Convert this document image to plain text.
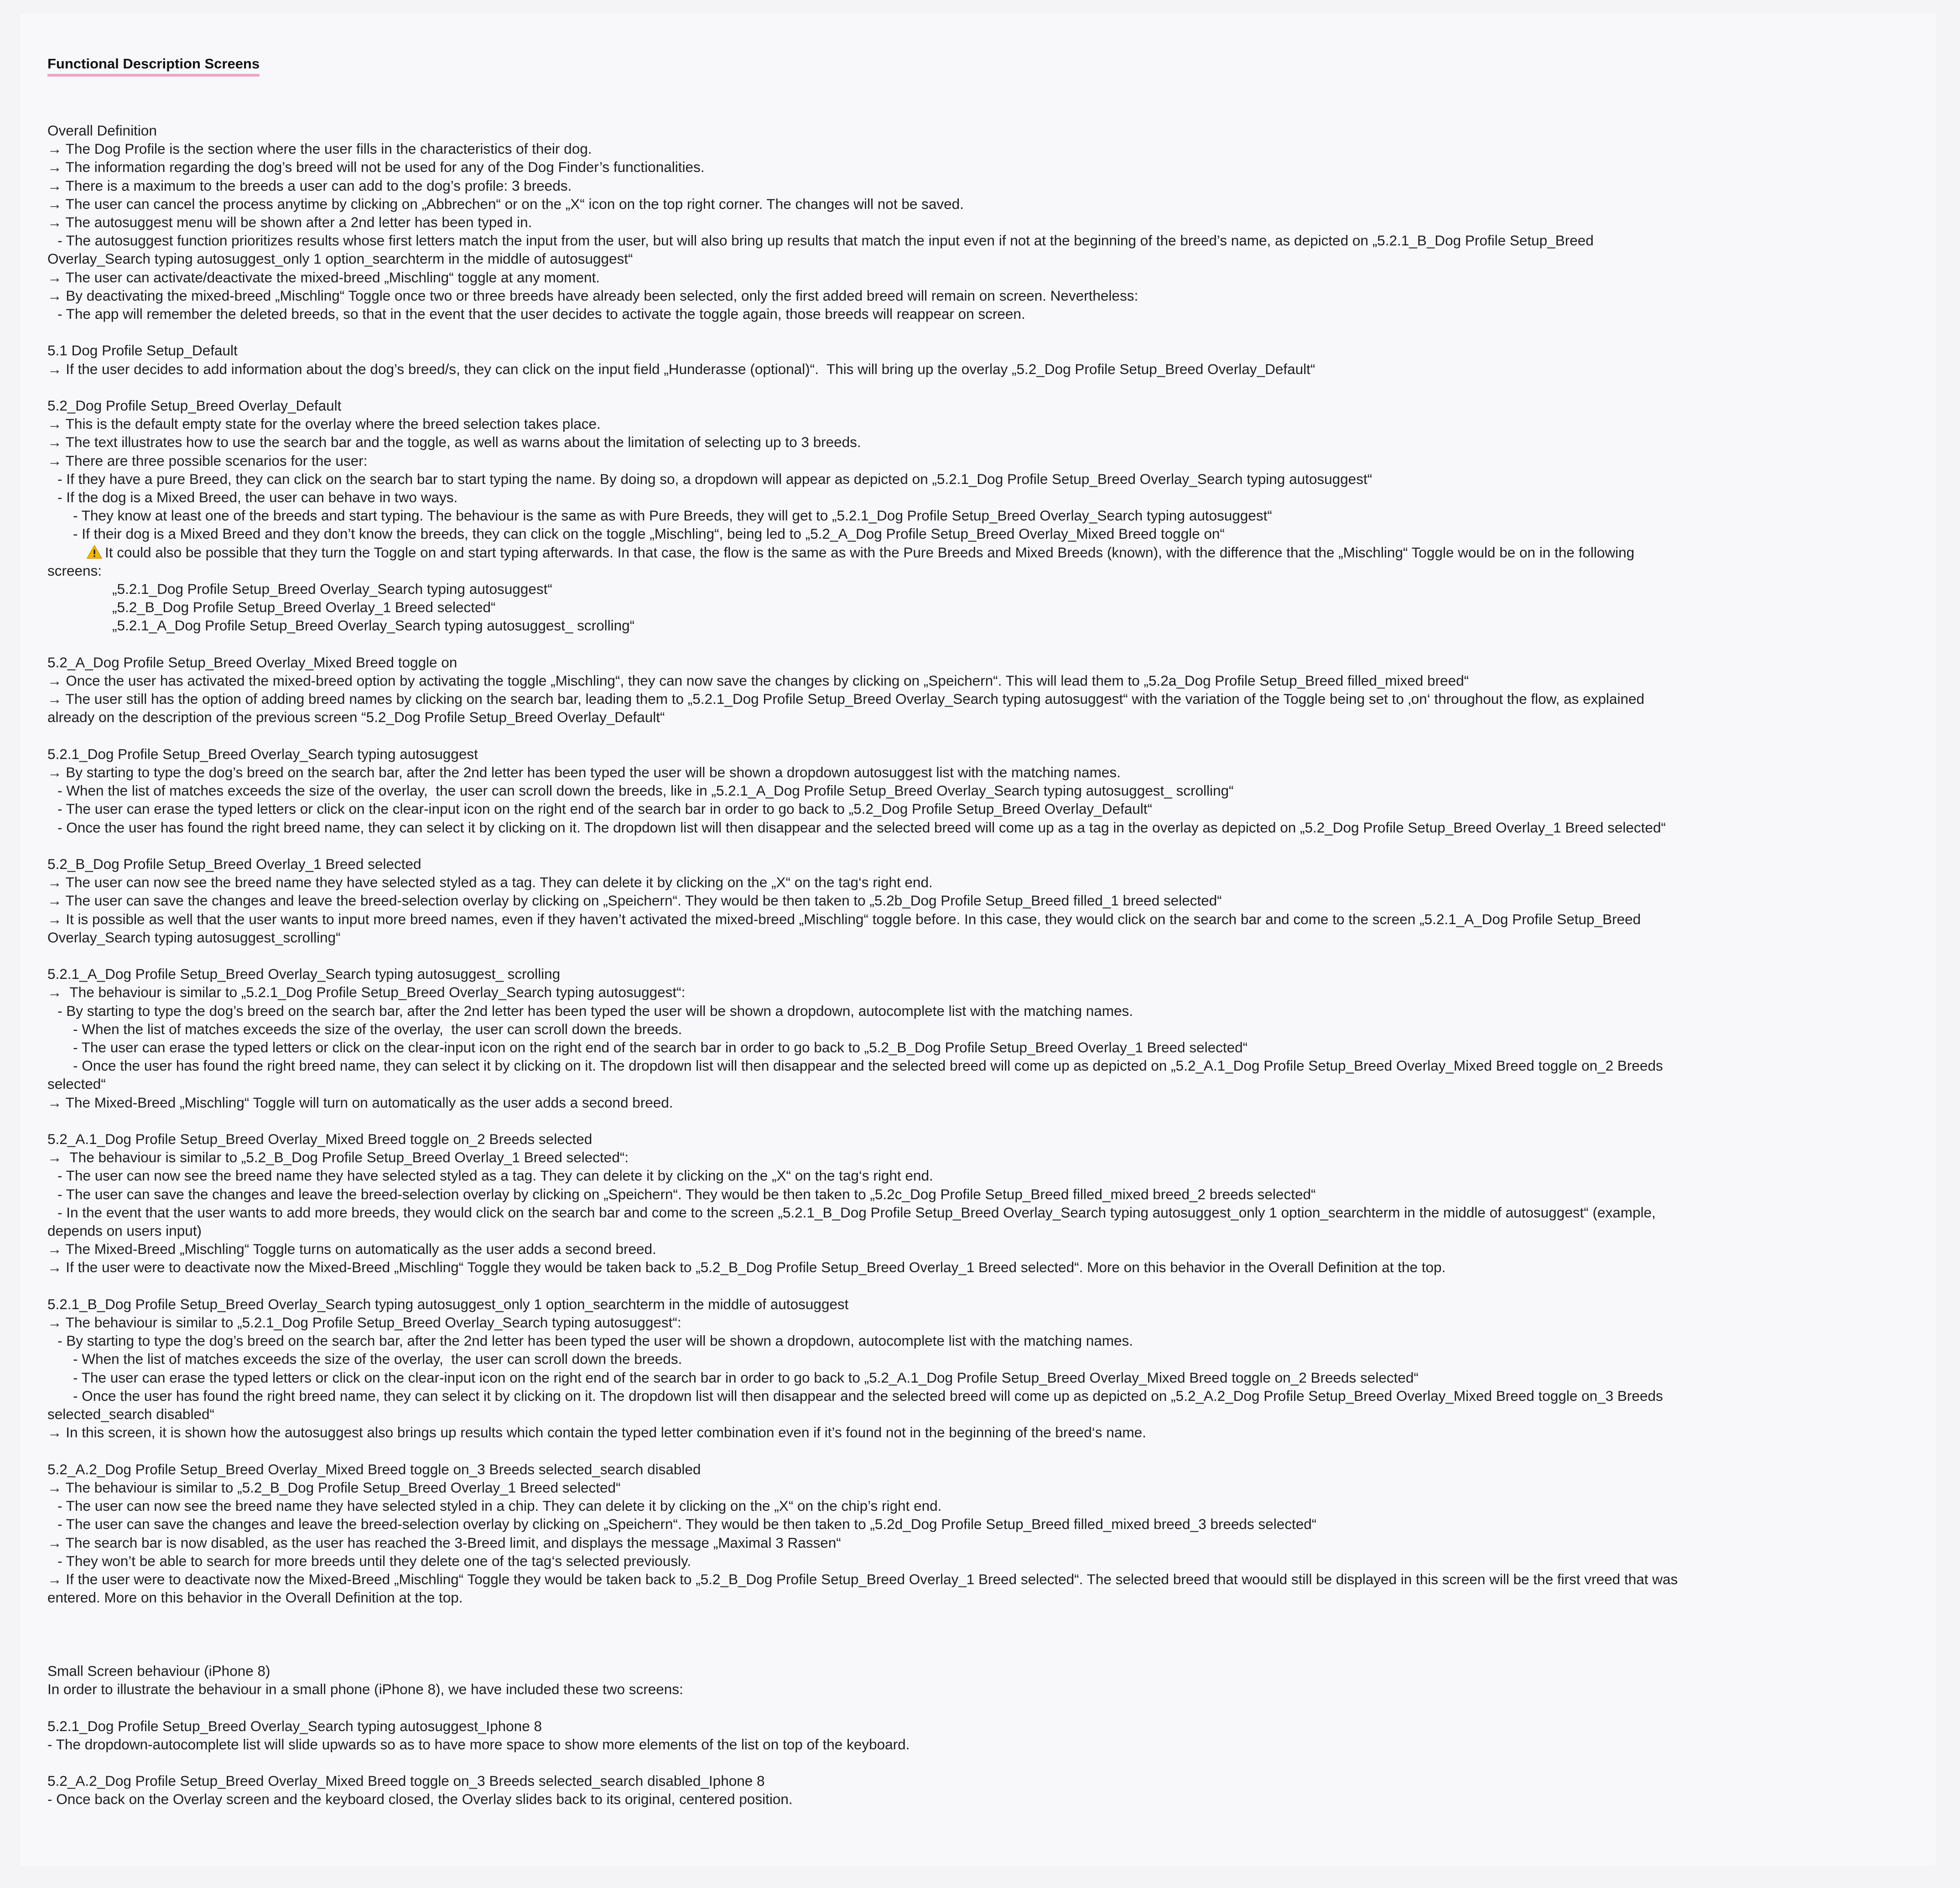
Functional Description Screens

Overall Definition

→ The Dog Profile is the section where the user fills in the characteristics of their dog.

→ The information regarding the dog’s breed will not be used for any of the Dog Finder’s functionalities.

→ There is a maximum to the breeds a user can add to the dog’s profile: 3 breeds.

→ The user can cancel the process anytime by clicking on „Abbrechen“ or on the „X“ icon on the top right corner. The changes will not be saved.

→ The autosuggest menu will be shown after a 2nd letter has been typed in.

- The autosuggest function prioritizes results whose first letters match the input from the user, but will also bring up results that match the input even if not at the beginning of the breed’s name, as depicted on „5.2.1_B_Dog Profile Setup_Breed

Overlay_Search typing autosuggest_only 1 option_searchterm in the middle of autosuggest“

→ The user can activate/deactivate the mixed-breed „Mischling“ toggle at any moment.

→ By deactivating the mixed-breed „Mischling“ Toggle once two or three breeds have already been selected, only the first added breed will remain on screen. Nevertheless:

- The app will remember the deleted breeds, so that in the event that the user decides to activate the toggle again, those breeds will reappear on screen.

5.1 Dog Profile Setup_Default

→ If the user decides to add information about the dog’s breed/s, they can click on the input field „Hunderasse (optional)“.  This will bring up the overlay „5.2_Dog Profile Setup_Breed Overlay_Default“

5.2_Dog Profile Setup_Breed Overlay_Default

→ This is the default empty state for the overlay where the breed selection takes place.

→ The text illustrates how to use the search bar and the toggle, as well as warns about the limitation of selecting up to 3 breeds.

→ There are three possible scenarios for the user:

- If they have a pure Breed, they can click on the search bar to start typing the name. By doing so, a dropdown will appear as depicted on „5.2.1_Dog Profile Setup_Breed Overlay_Search typing autosuggest“

- If the dog is a Mixed Breed, the user can behave in two ways.

- They know at least one of the breeds and start typing. The behaviour is the same as with Pure Breeds, they will get to „5.2.1_Dog Profile Setup_Breed Overlay_Search typing autosuggest“

- If their dog is a Mixed Breed and they don’t know the breeds, they can click on the toggle „Mischling“, being led to „5.2_A_Dog Profile Setup_Breed Overlay_Mixed Breed toggle on“

It could also be possible that they turn the Toggle on and start typing afterwards. In that case, the flow is the same as with the Pure Breeds and Mixed Breeds (known), with the difference that the „Mischling“ Toggle would be on in the following

screens:

„5.2.1_Dog Profile Setup_Breed Overlay_Search typing autosuggest“

„5.2_B_Dog Profile Setup_Breed Overlay_1 Breed selected“

„5.2.1_A_Dog Profile Setup_Breed Overlay_Search typing autosuggest_ scrolling“

5.2_A_Dog Profile Setup_Breed Overlay_Mixed Breed toggle on

→ Once the user has activated the mixed-breed option by activating the toggle „Mischling“, they can now save the changes by clicking on „Speichern“. This will lead them to „5.2a_Dog Profile Setup_Breed filled_mixed breed“

→ The user still has the option of adding breed names by clicking on the search bar, leading them to „5.2.1_Dog Profile Setup_Breed Overlay_Search typing autosuggest“ with the variation of the Toggle being set to ‚on‘ throughout the flow, as explained

already on the description of the previous screen “5.2_Dog Profile Setup_Breed Overlay_Default“

5.2.1_Dog Profile Setup_Breed Overlay_Search typing autosuggest

→ By starting to type the dog’s breed on the search bar, after the 2nd letter has been typed the user will be shown a dropdown autosuggest list with the matching names.

- When the list of matches exceeds the size of the overlay,  the user can scroll down the breeds, like in „5.2.1_A_Dog Profile Setup_Breed Overlay_Search typing autosuggest_ scrolling“

- The user can erase the typed letters or click on the clear-input icon on the right end of the search bar in order to go back to „5.2_Dog Profile Setup_Breed Overlay_Default“

- Once the user has found the right breed name, they can select it by clicking on it. The dropdown list will then disappear and the selected breed will come up as a tag in the overlay as depicted on „5.2_Dog Profile Setup_Breed Overlay_1 Breed selected“

5.2_B_Dog Profile Setup_Breed Overlay_1 Breed selected

→ The user can now see the breed name they have selected styled as a tag. They can delete it by clicking on the „X“ on the tag‘s right end.

→ The user can save the changes and leave the breed-selection overlay by clicking on „Speichern“. They would be then taken to „5.2b_Dog Profile Setup_Breed filled_1 breed selected“

→ It is possible as well that the user wants to input more breed names, even if they haven’t activated the mixed-breed „Mischling“ toggle before. In this case, they would click on the search bar and come to the screen „5.2.1_A_Dog Profile Setup_Breed

Overlay_Search typing autosuggest_scrolling“

5.2.1_A_Dog Profile Setup_Breed Overlay_Search typing autosuggest_ scrolling

→  The behaviour is similar to „5.2.1_Dog Profile Setup_Breed Overlay_Search typing autosuggest“:

- By starting to type the dog’s breed on the search bar, after the 2nd letter has been typed the user will be shown a dropdown, autocomplete list with the matching names.

- When the list of matches exceeds the size of the overlay,  the user can scroll down the breeds.

- The user can erase the typed letters or click on the clear-input icon on the right end of the search bar in order to go back to „5.2_B_Dog Profile Setup_Breed Overlay_1 Breed selected“

- Once the user has found the right breed name, they can select it by clicking on it. The dropdown list will then disappear and the selected breed will come up as depicted on „5.2_A.1_Dog Profile Setup_Breed Overlay_Mixed Breed toggle on_2 Breeds

selected“

→ The Mixed-Breed „Mischling“ Toggle will turn on automatically as the user adds a second breed.

5.2_A.1_Dog Profile Setup_Breed Overlay_Mixed Breed toggle on_2 Breeds selected

→  The behaviour is similar to „5.2_B_Dog Profile Setup_Breed Overlay_1 Breed selected“:

- The user can now see the breed name they have selected styled as a tag. They can delete it by clicking on the „X“ on the tag‘s right end.

- The user can save the changes and leave the breed-selection overlay by clicking on „Speichern“. They would be then taken to „5.2c_Dog Profile Setup_Breed filled_mixed breed_2 breeds selected“

- In the event that the user wants to add more breeds, they would click on the search bar and come to the screen „5.2.1_B_Dog Profile Setup_Breed Overlay_Search typing autosuggest_only 1 option_searchterm in the middle of autosuggest“ (example,

depends on users input)

→ The Mixed-Breed „Mischling“ Toggle turns on automatically as the user adds a second breed.

→ If the user were to deactivate now the Mixed-Breed „Mischling“ Toggle they would be taken back to „5.2_B_Dog Profile Setup_Breed Overlay_1 Breed selected“. More on this behavior in the Overall Definition at the top.

5.2.1_B_Dog Profile Setup_Breed Overlay_Search typing autosuggest_only 1 option_searchterm in the middle of autosuggest

→ The behaviour is similar to „5.2.1_Dog Profile Setup_Breed Overlay_Search typing autosuggest“:

- By starting to type the dog’s breed on the search bar, after the 2nd letter has been typed the user will be shown a dropdown, autocomplete list with the matching names.

- When the list of matches exceeds the size of the overlay,  the user can scroll down the breeds.

- The user can erase the typed letters or click on the clear-input icon on the right end of the search bar in order to go back to „5.2_A.1_Dog Profile Setup_Breed Overlay_Mixed Breed toggle on_2 Breeds selected“

- Once the user has found the right breed name, they can select it by clicking on it. The dropdown list will then disappear and the selected breed will come up as depicted on „5.2_A.2_Dog Profile Setup_Breed Overlay_Mixed Breed toggle on_3 Breeds

selected_search disabled“

→ In this screen, it is shown how the autosuggest also brings up results which contain the typed letter combination even if it’s found not in the beginning of the breed‘s name.

5.2_A.2_Dog Profile Setup_Breed Overlay_Mixed Breed toggle on_3 Breeds selected_search disabled

→ The behaviour is similar to „5.2_B_Dog Profile Setup_Breed Overlay_1 Breed selected“

- The user can now see the breed name they have selected styled in a chip. They can delete it by clicking on the „X“ on the chip’s right end.

- The user can save the changes and leave the breed-selection overlay by clicking on „Speichern“. They would be then taken to „5.2d_Dog Profile Setup_Breed filled_mixed breed_3 breeds selected“

→ The search bar is now disabled, as the user has reached the 3-Breed limit, and displays the message „Maximal 3 Rassen“

- They won’t be able to search for more breeds until they delete one of the tag‘s selected previously.

→ If the user were to deactivate now the Mixed-Breed „Mischling“ Toggle they would be taken back to „5.2_B_Dog Profile Setup_Breed Overlay_1 Breed selected“. The selected breed that woould still be displayed in this screen will be the first vreed that was

entered. More on this behavior in the Overall Definition at the top.

Small Screen behaviour (iPhone 8)

In order to illustrate the behaviour in a small phone (iPhone 8), we have included these two screens:

5.2.1_Dog Profile Setup_Breed Overlay_Search typing autosuggest_Iphone 8

- The dropdown-autocomplete list will slide upwards so as to have more space to show more elements of the list on top of the keyboard.

5.2_A.2_Dog Profile Setup_Breed Overlay_Mixed Breed toggle on_3 Breeds selected_search disabled_Iphone 8

- Once back on the Overlay screen and the keyboard closed, the Overlay slides back to its original, centered position.
